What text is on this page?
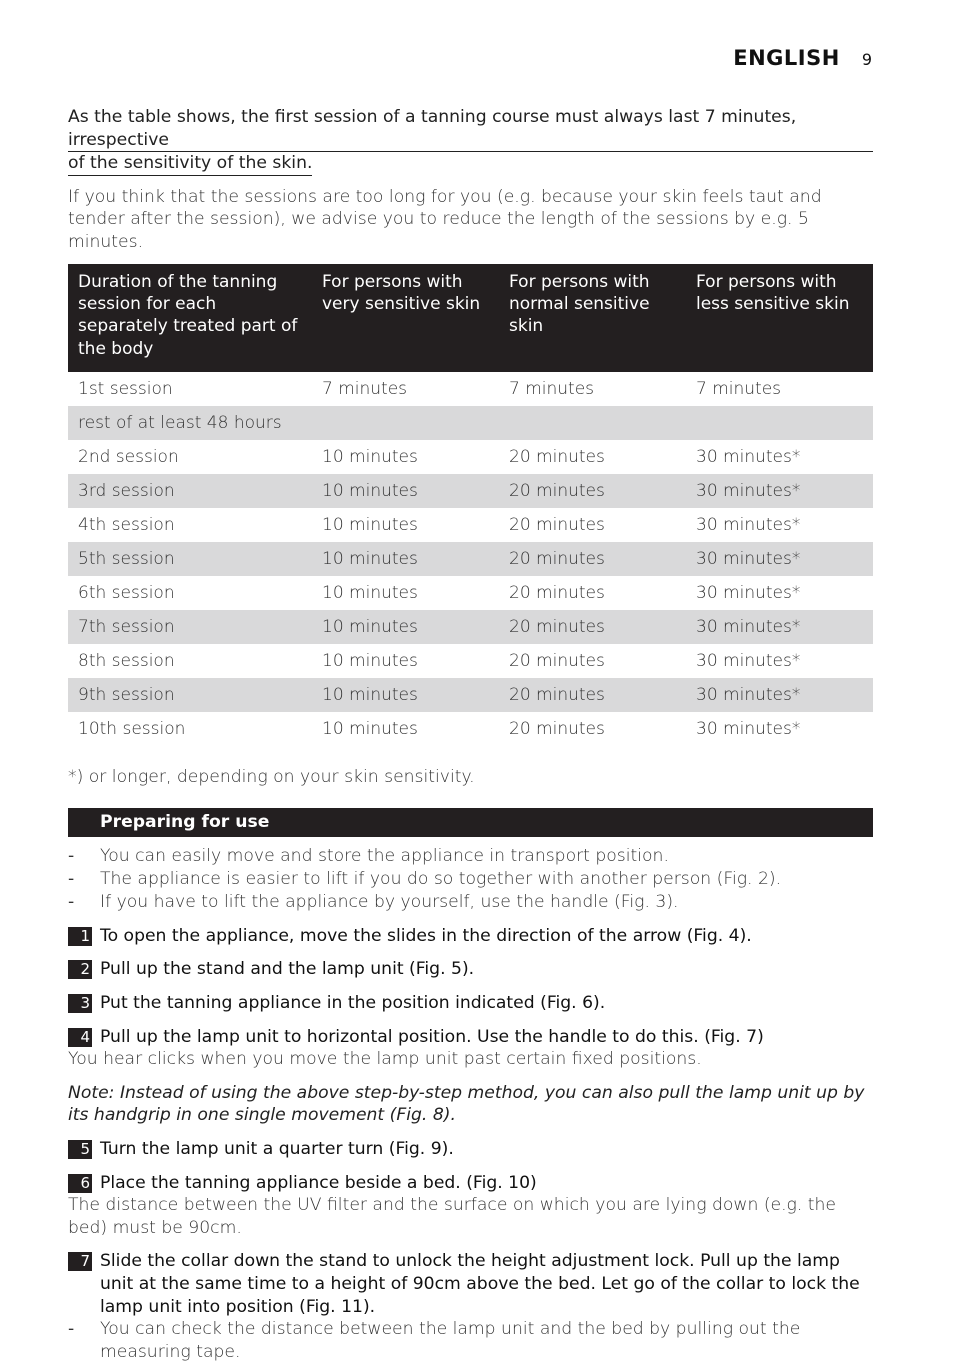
ENGLISH 9

As the table shows, the first session of a tanning course must always last 7 minutes, irrespective

of the sensitivity of the skin.

If you think that the sessions are too long for you (e.g. because your skin feels taut and tender after the session), we advise you to reduce the length of the sessions by e.g. 5 minutes.

Duration of the tanning session for each separately treated part of the body	For persons with very sensitive skin	For persons with normal sensitive skin	For persons with less sensitive skin
1st session	7 minutes	7 minutes	7 minutes
rest of at least 48 hours			
2nd session	10 minutes	20 minutes	30 minutes*
3rd session	10 minutes	20 minutes	30 minutes*
4th session	10 minutes	20 minutes	30 minutes*
5th session	10 minutes	20 minutes	30 minutes*
6th session	10 minutes	20 minutes	30 minutes*
7th session	10 minutes	20 minutes	30 minutes*
8th session	10 minutes	20 minutes	30 minutes*
9th session	10 minutes	20 minutes	30 minutes*
10th session	10 minutes	20 minutes	30 minutes*

*) or longer, depending on your skin sensitivity.

Preparing for use
-	You can easily move and store the appliance in transport position.
-	The appliance is easier to lift if you do so together with another person (Fig. 2).
-	If you have to lift the appliance by yourself, use the handle (Fig. 3).
1 To open the appliance, move the slides in the direction of the arrow (Fig. 4).
2 Pull up the stand and the lamp unit (Fig. 5).
3 Put the tanning appliance in the position indicated (Fig. 6).
4 Pull up the lamp unit to horizontal position. Use the handle to do this. (Fig. 7)
You hear clicks when you move the lamp unit past certain fixed positions.

Note: Instead of using the above step-by-step method, you can also pull the lamp unit up by its handgrip in one single movement (Fig. 8).

5 Turn the lamp unit a quarter turn (Fig. 9).
6 Place the tanning appliance beside a bed. (Fig. 10)
The distance between the UV filter and the surface on which you are lying down (e.g. the bed) must be 90cm.
7 Slide the collar down the stand to unlock the height adjustment lock. Pull up the lamp unit at the same time to a height of 90cm above the bed. Let go of the collar to lock the lamp unit into position (Fig. 11).
-	You can check the distance between the lamp unit and the bed by pulling out the measuring tape.
